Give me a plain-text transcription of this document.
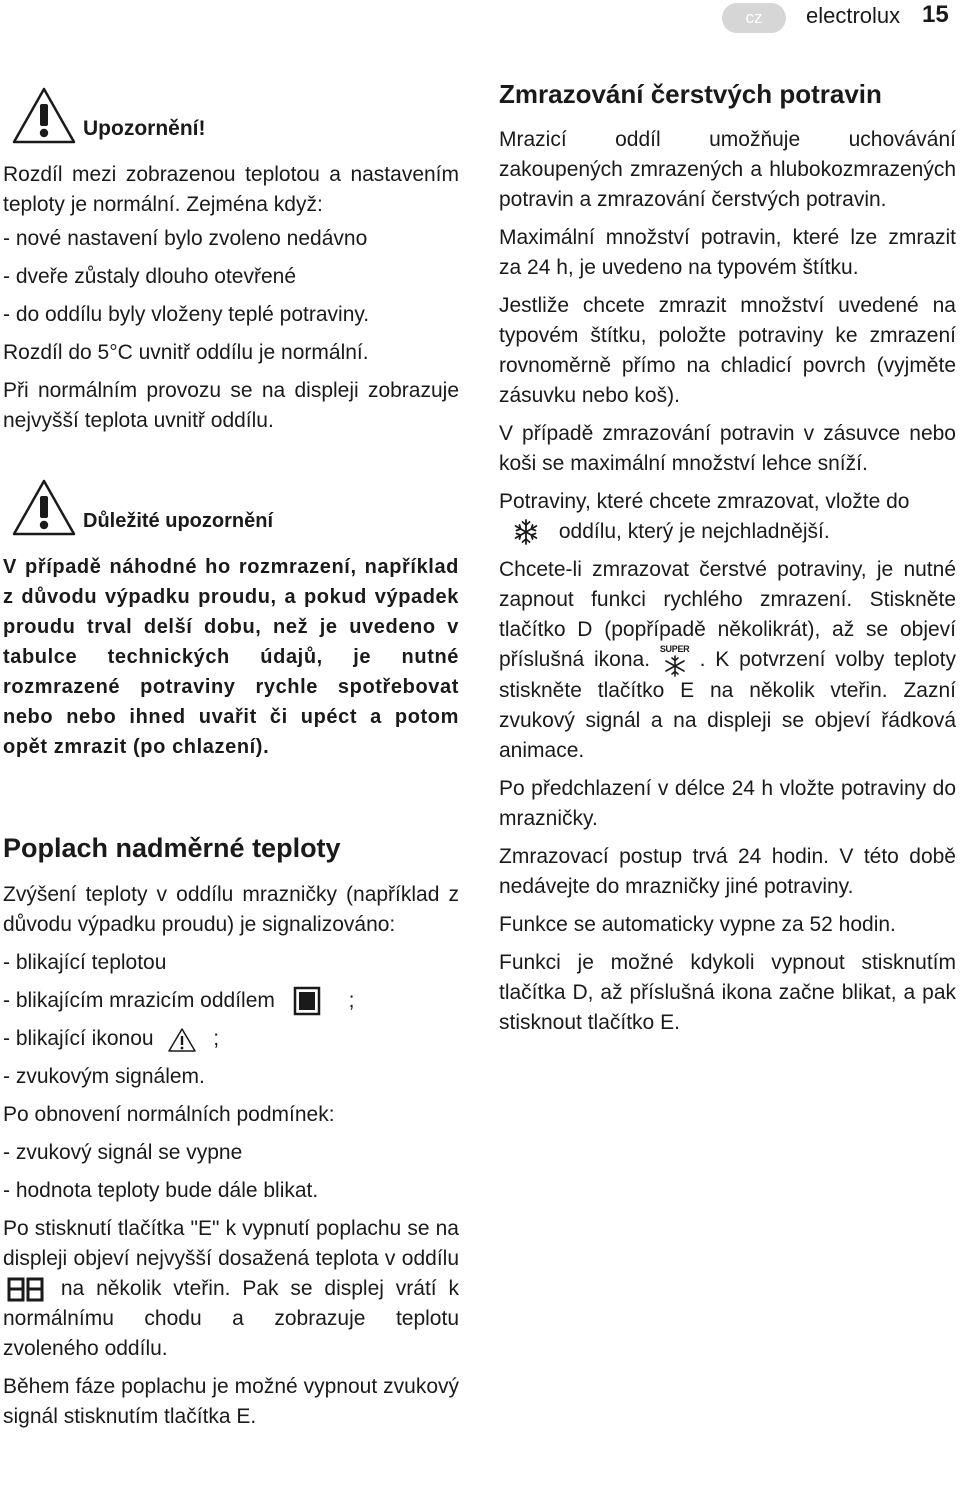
cz	electrolux 15
Upozornění!

Rozdíl mezi zobrazenou teplotou a nastavením teploty je normální. Zejména když:

- nové nastavení bylo zvoleno nedávno

- dveře zůstaly dlouho otevřené

- do oddílu byly vloženy teplé potraviny.

Rozdíl do 5°C uvnitř oddílu je normální.

Při normálním provozu se na displeji zobrazuje nejvyšší teplota uvnitř oddílu.

Důležité upozornění

V případě náhodné ho rozmrazení, například z důvodu výpadku proudu, a pokud výpadek proudu trval delší dobu, než je uvedeno v tabulce technických údajů, je nutné rozmrazené potraviny rychle spotřebovat nebo nebo ihned uvařit či upéct a potom opět zmrazit (po chlazení).

Poplach nadměrné teploty

Zvýšení teploty v oddílu mrazničky (například z důvodu výpadku proudu) je signalizováno:

- blikající teplotou

- blikajícím mrazicím oddílem	;

- blikající ikonou	;

- zvukovým signálem.

Po obnovení normálních podmínek:

- zvukový signál se vypne

- hodnota teploty bude dále blikat.

Po stisknutí tlačítka "E" k vypnutí poplachu se na displeji objeví nejvyšší dosažená teplota v oddílu  na několik vteřin. Pak se displej vrátí k normálnímu chodu a zobrazuje teplotu zvoleného oddílu.

Během fáze poplachu je možné vypnout zvukový signál stisknutím tlačítka E.

Zmrazování čerstvých potravin

Mrazicí oddíl umožňuje uchovávání zakoupených zmrazených a hlubokozmrazených potravin a zmrazování čerstvých potravin.

Maximální množství potravin, které lze zmrazit za 24 h, je uvedeno na typovém štítku.

Jestliže chcete zmrazit množství uvedené na typovém štítku, položte potraviny ke zmrazení rovnoměrně přímo na chladicí povrch (vyjměte zásuvku nebo koš).

V případě zmrazování potravin v zásuvce nebo koši se maximální množství lehce sníží.

Potraviny, které chcete zmrazovat, vložte do  oddílu, který je nejchladnější.

Chcete-li zmrazovat čerstvé potraviny, je nutné zapnout funkci rychlého zmrazení. Stiskněte tlačítko D (popřípadě několikrát), až se objeví příslušná ikona. SUPER . K potvrzení volby teploty stiskněte tlačítko E na několik vteřin. Zazní zvukový signál a na displeji se objeví řádková animace.

Po předchlazení v délce 24 h vložte potraviny do mrazničky.

Zmrazovací postup trvá 24 hodin. V této době nedávejte do mrazničky jiné potraviny.

Funkce se automaticky vypne za 52 hodin.

Funkci je možné kdykoli vypnout stisknutím tlačítka D, až příslušná ikona začne blikat, a pak stisknout tlačítko E.
